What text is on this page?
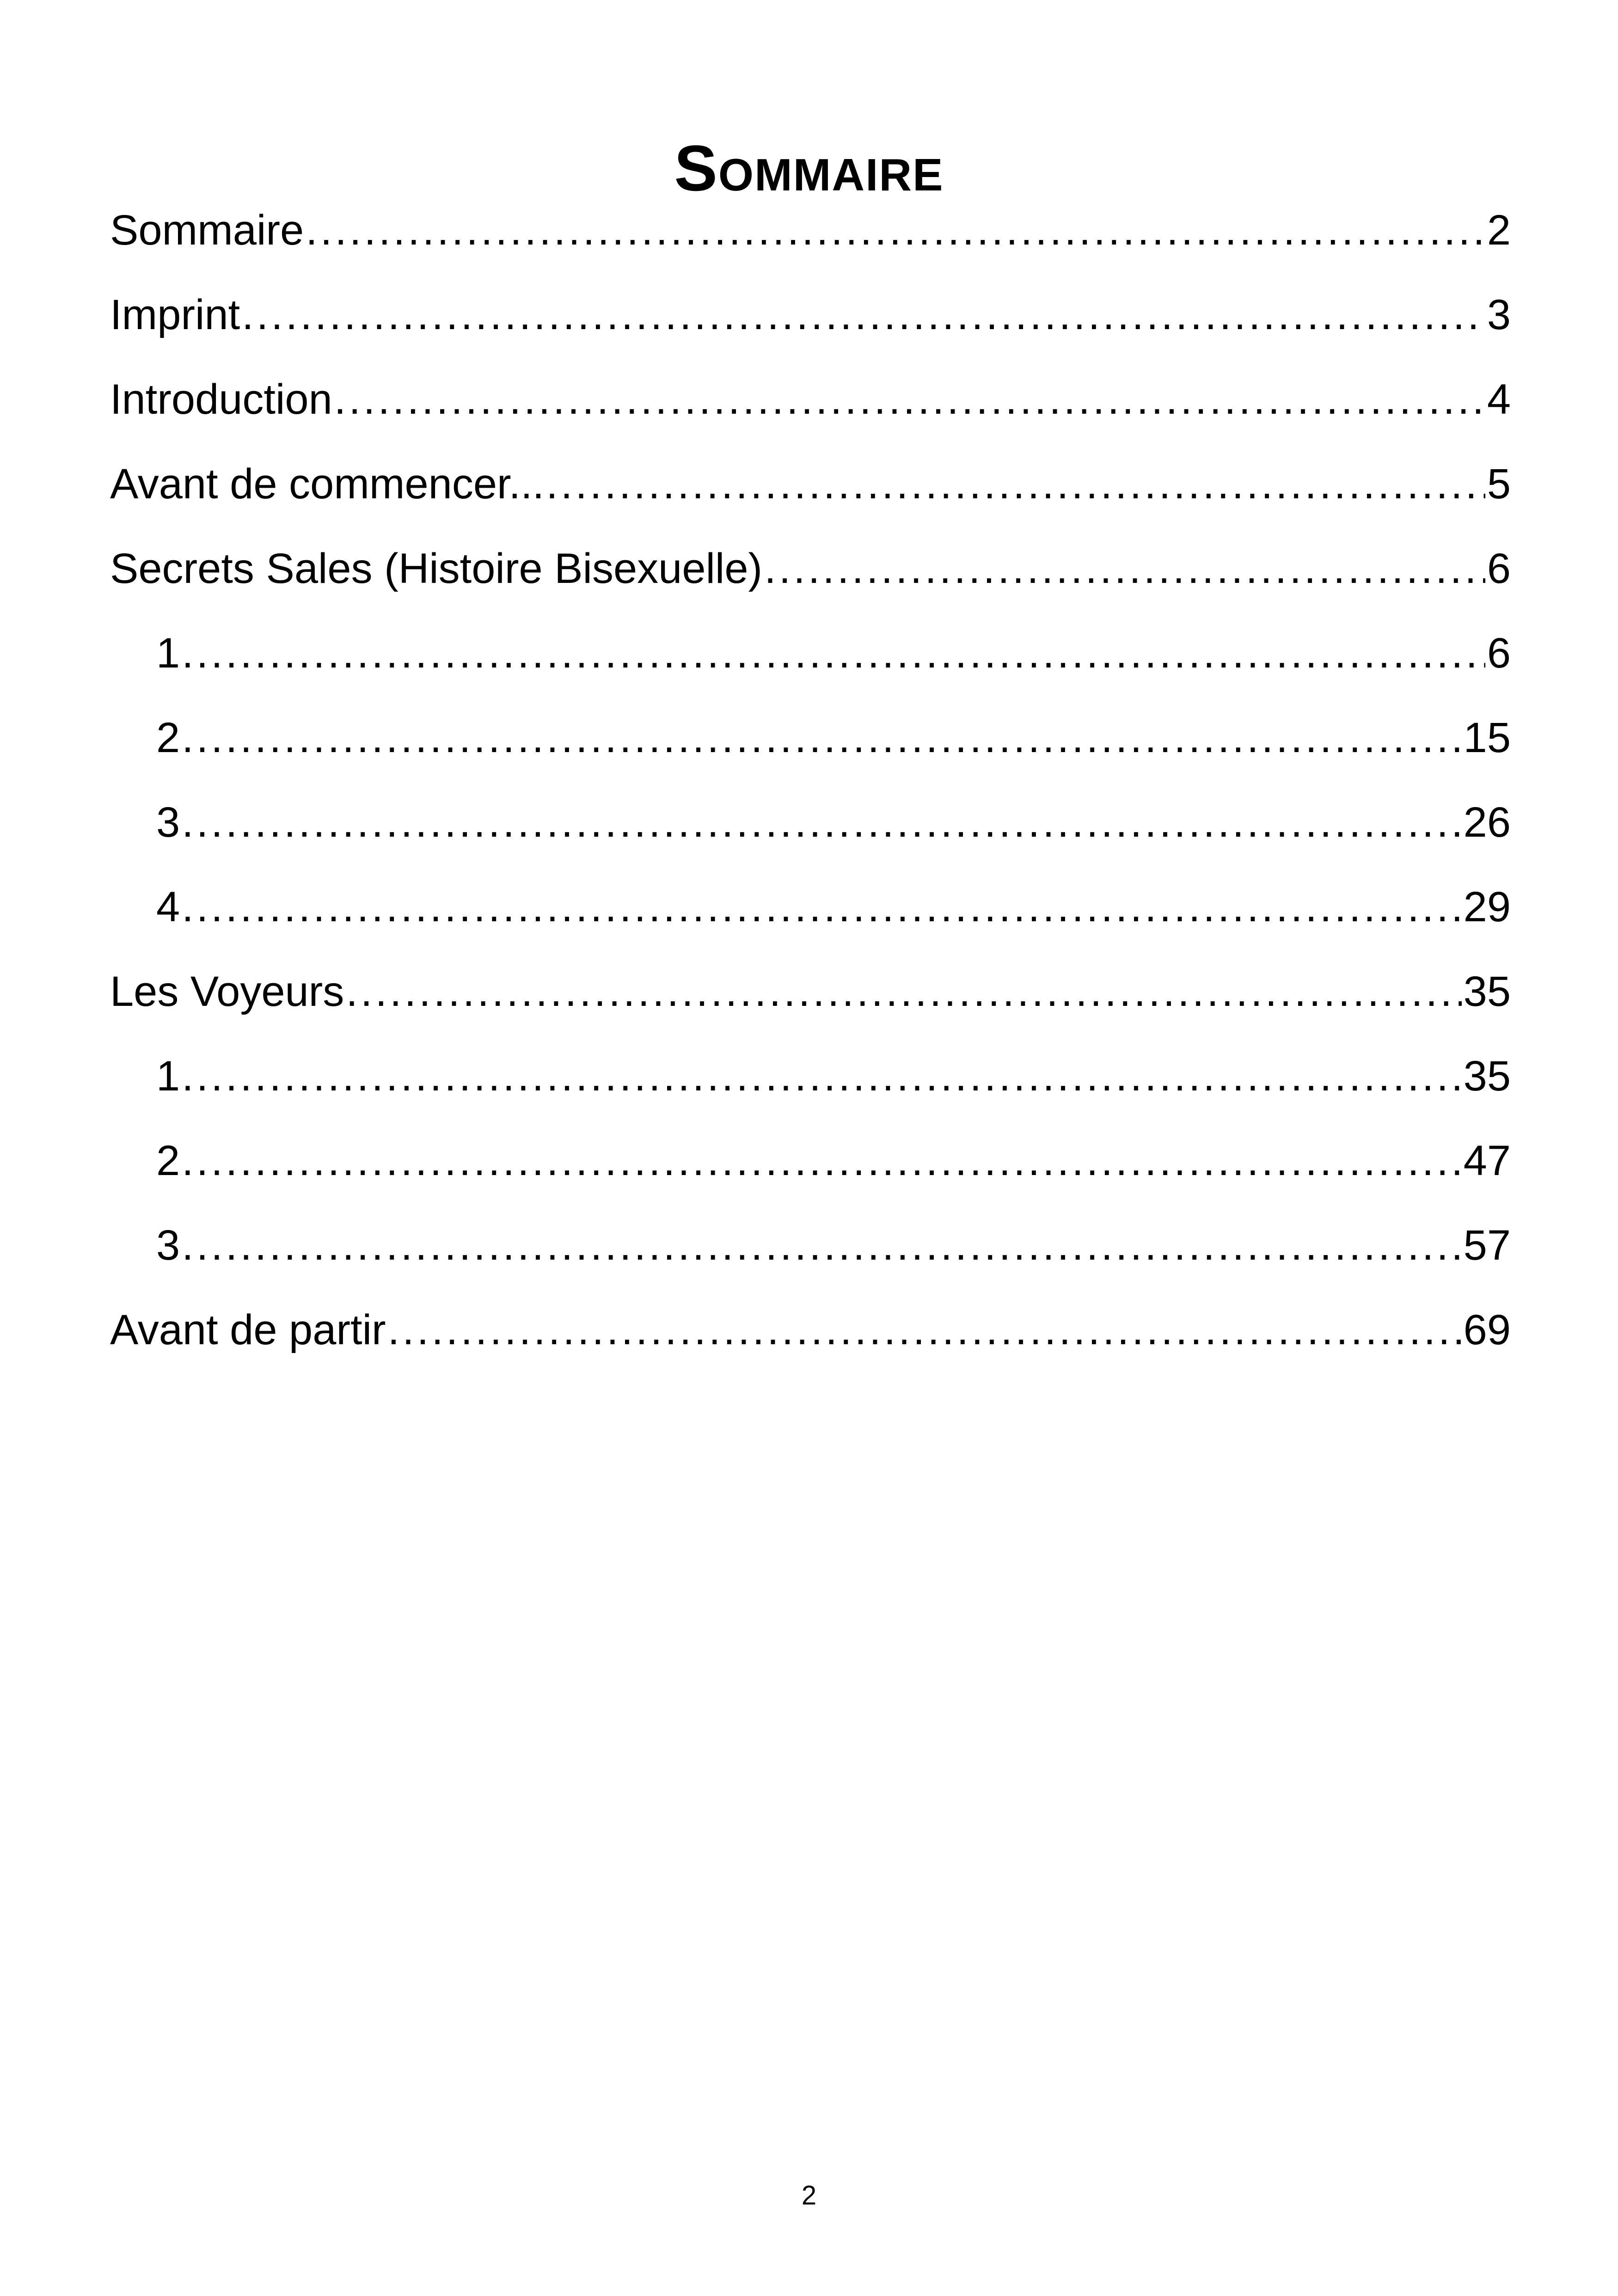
Sommaire
Sommaire .....	2
Imprint .....	3
Introduction .....	4
Avant de commencer... .....	5
Secrets Sales (Histoire Bisexuelle) .....	6
1 .....	6
2 .....	15
3 .....	26
4 .....	29
Les Voyeurs .....	35
1 .....	35
2 .....	47
3 .....	57
Avant de partir .....	69
2
